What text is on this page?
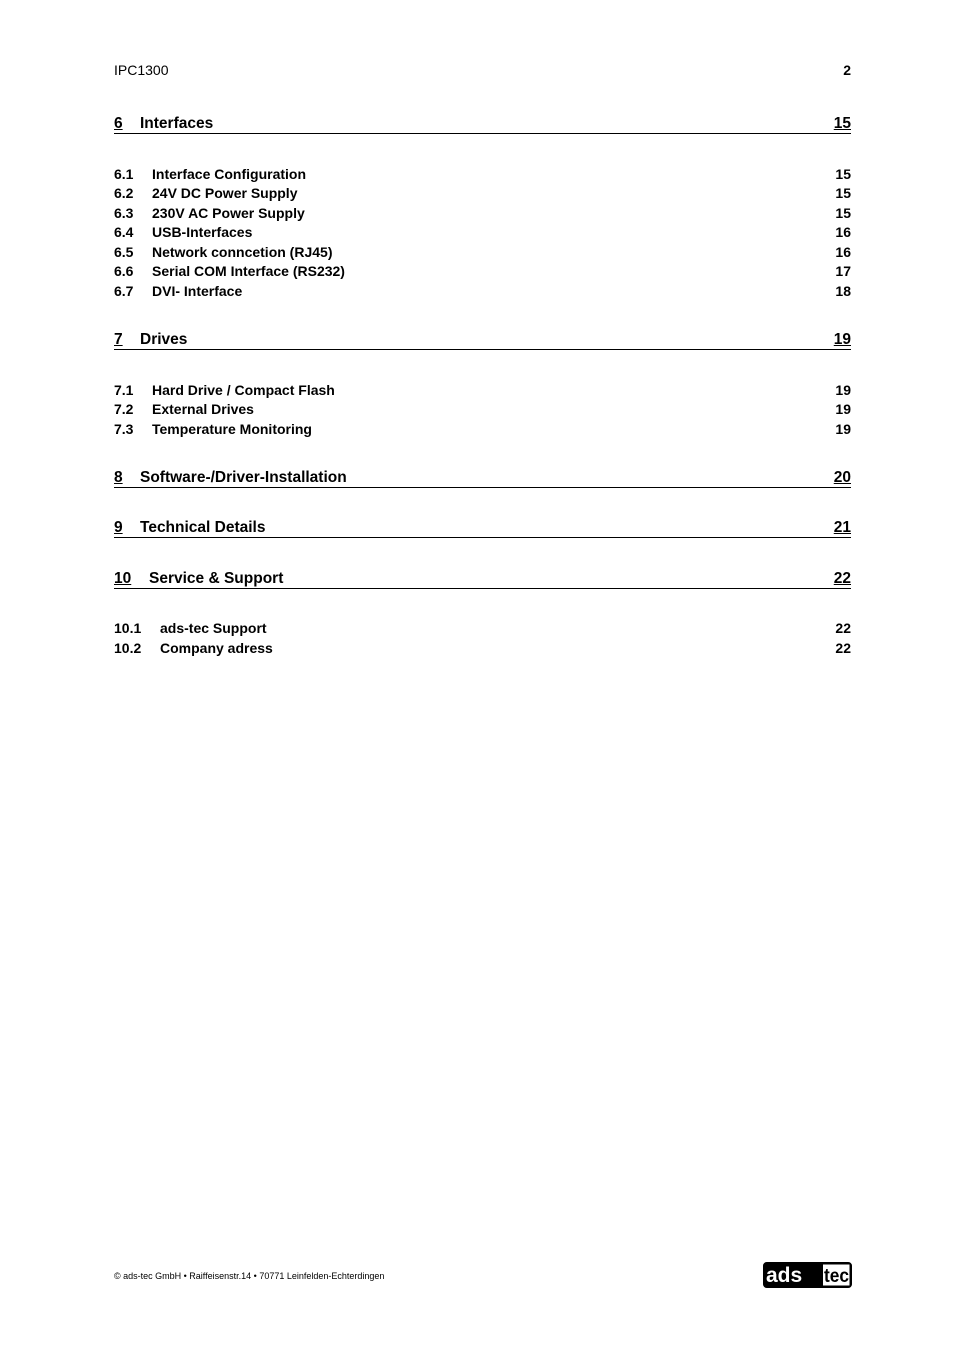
IPC1300	2
6	Interfaces	15
6.1	Interface Configuration	15
6.2	24V DC Power Supply	15
6.3	230V AC Power Supply	15
6.4	USB-Interfaces	16
6.5	Network conncetion (RJ45)	16
6.6	Serial COM Interface (RS232)	17
6.7	DVI- Interface	18
7	Drives	19
7.1	Hard Drive / Compact Flash	19
7.2	External Drives	19
7.3	Temperature Monitoring	19
8	Software-/Driver-Installation	20
9	Technical Details	21
10	Service & Support	22
10.1	ads-tec Support	22
10.2	Company adress	22
© ads-tec GmbH • Raiffeisenstr.14 • 70771 Leinfelden-Echterdingen	ads tec
